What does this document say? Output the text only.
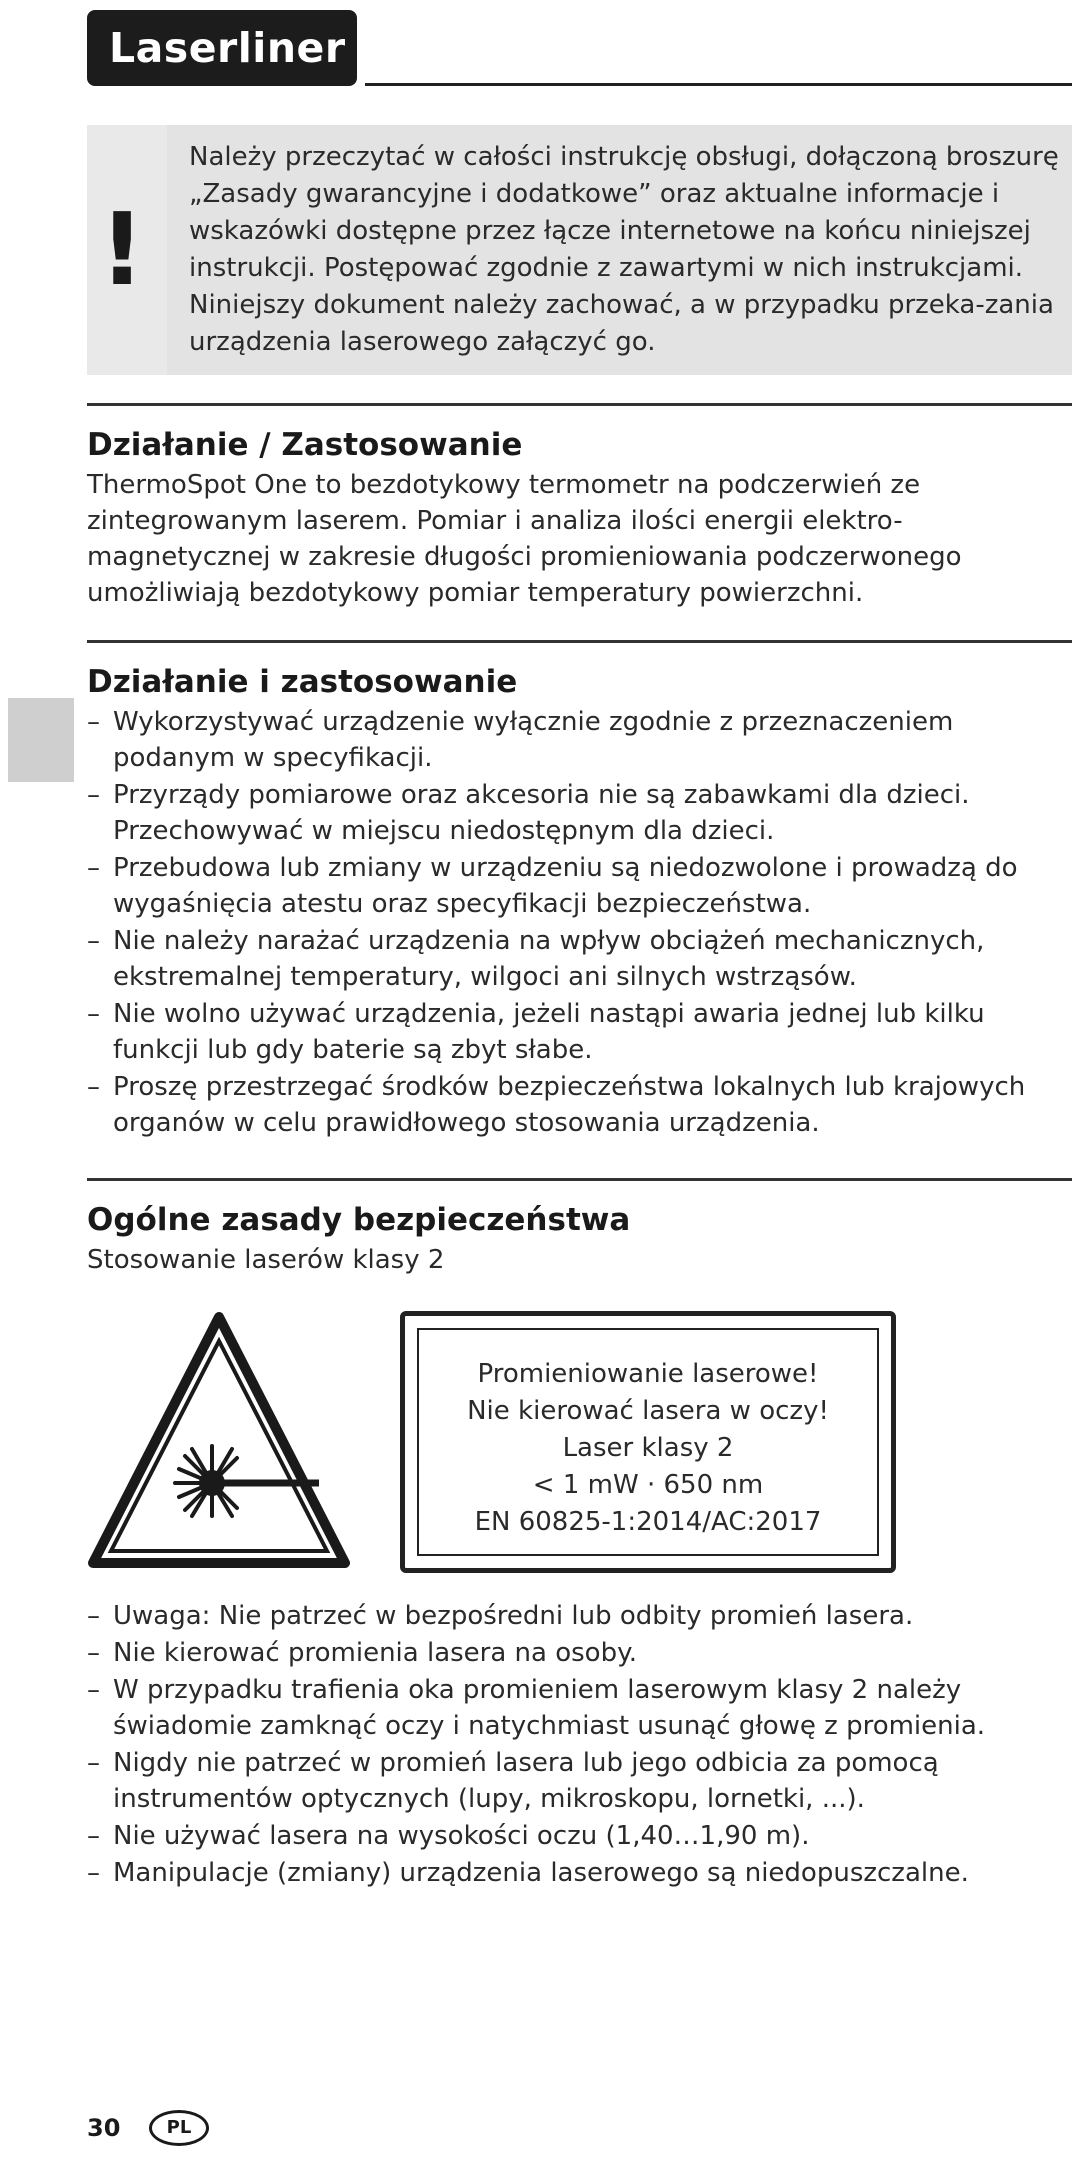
Laserliner
!
Należy przeczytać w całości instrukcję obsługi, dołączoną broszurę „Zasady gwarancyjne i dodatkowe” oraz aktualne informacje i wskazówki dostępne przez łącze internetowe na końcu niniejszej instrukcji. Postępować zgodnie z zawartymi w nich instrukcjami. Niniejszy dokument należy zachować, a w przypadku przeka-zania urządzenia laserowego załączyć go.
Działanie / Zastosowanie

ThermoSpot One to bezdotykowy termometr na podczerwień ze zintegrowanym laserem. Pomiar i analiza ilości energii elektro-magnetycznej w zakresie długości promieniowania podczerwonego umożliwiają bezdotykowy pomiar temperatury powierzchni.

Działanie i zastosowanie
– Wykorzystywać urządzenie wyłącznie zgodnie z przeznaczeniem podanym w specyfikacji.
– Przyrządy pomiarowe oraz akcesoria nie są zabawkami dla dzieci. Przechowywać w miejscu niedostępnym dla dzieci.
– Przebudowa lub zmiany w urządzeniu są niedozwolone i prowadzą do wygaśnięcia atestu oraz specyfikacji bezpieczeństwa.
– Nie należy narażać urządzenia na wpływ obciążeń mechanicznych, ekstremalnej temperatury, wilgoci ani silnych wstrząsów.
– Nie wolno używać urządzenia, jeżeli nastąpi awaria jednej lub kilku funkcji lub gdy baterie są zbyt słabe.
– Proszę przestrzegać środków bezpieczeństwa lokalnych lub krajowych organów w celu prawidłowego stosowania urządzenia.
Ogólne zasady bezpieczeństwa

Stosowanie laserów klasy 2

Promieniowanie laserowe!
Nie kierować lasera w oczy!
Laser klasy 2
< 1 mW · 650 nm
EN 60825-1:2014/AC:2017
– Uwaga: Nie patrzeć w bezpośredni lub odbity promień lasera.
– Nie kierować promienia lasera na osoby.
– W przypadku trafienia oka promieniem laserowym klasy 2 należy świadomie zamknąć oczy i natychmiast usunąć głowę z promienia.
– Nigdy nie patrzeć w promień lasera lub jego odbicia za pomocą instrumentów optycznych (lupy, mikroskopu, lornetki, ...).
– Nie używać lasera na wysokości oczu (1,40…1,90 m).
– Manipulacje (zmiany) urządzenia laserowego są niedopuszczalne.
30	PL
